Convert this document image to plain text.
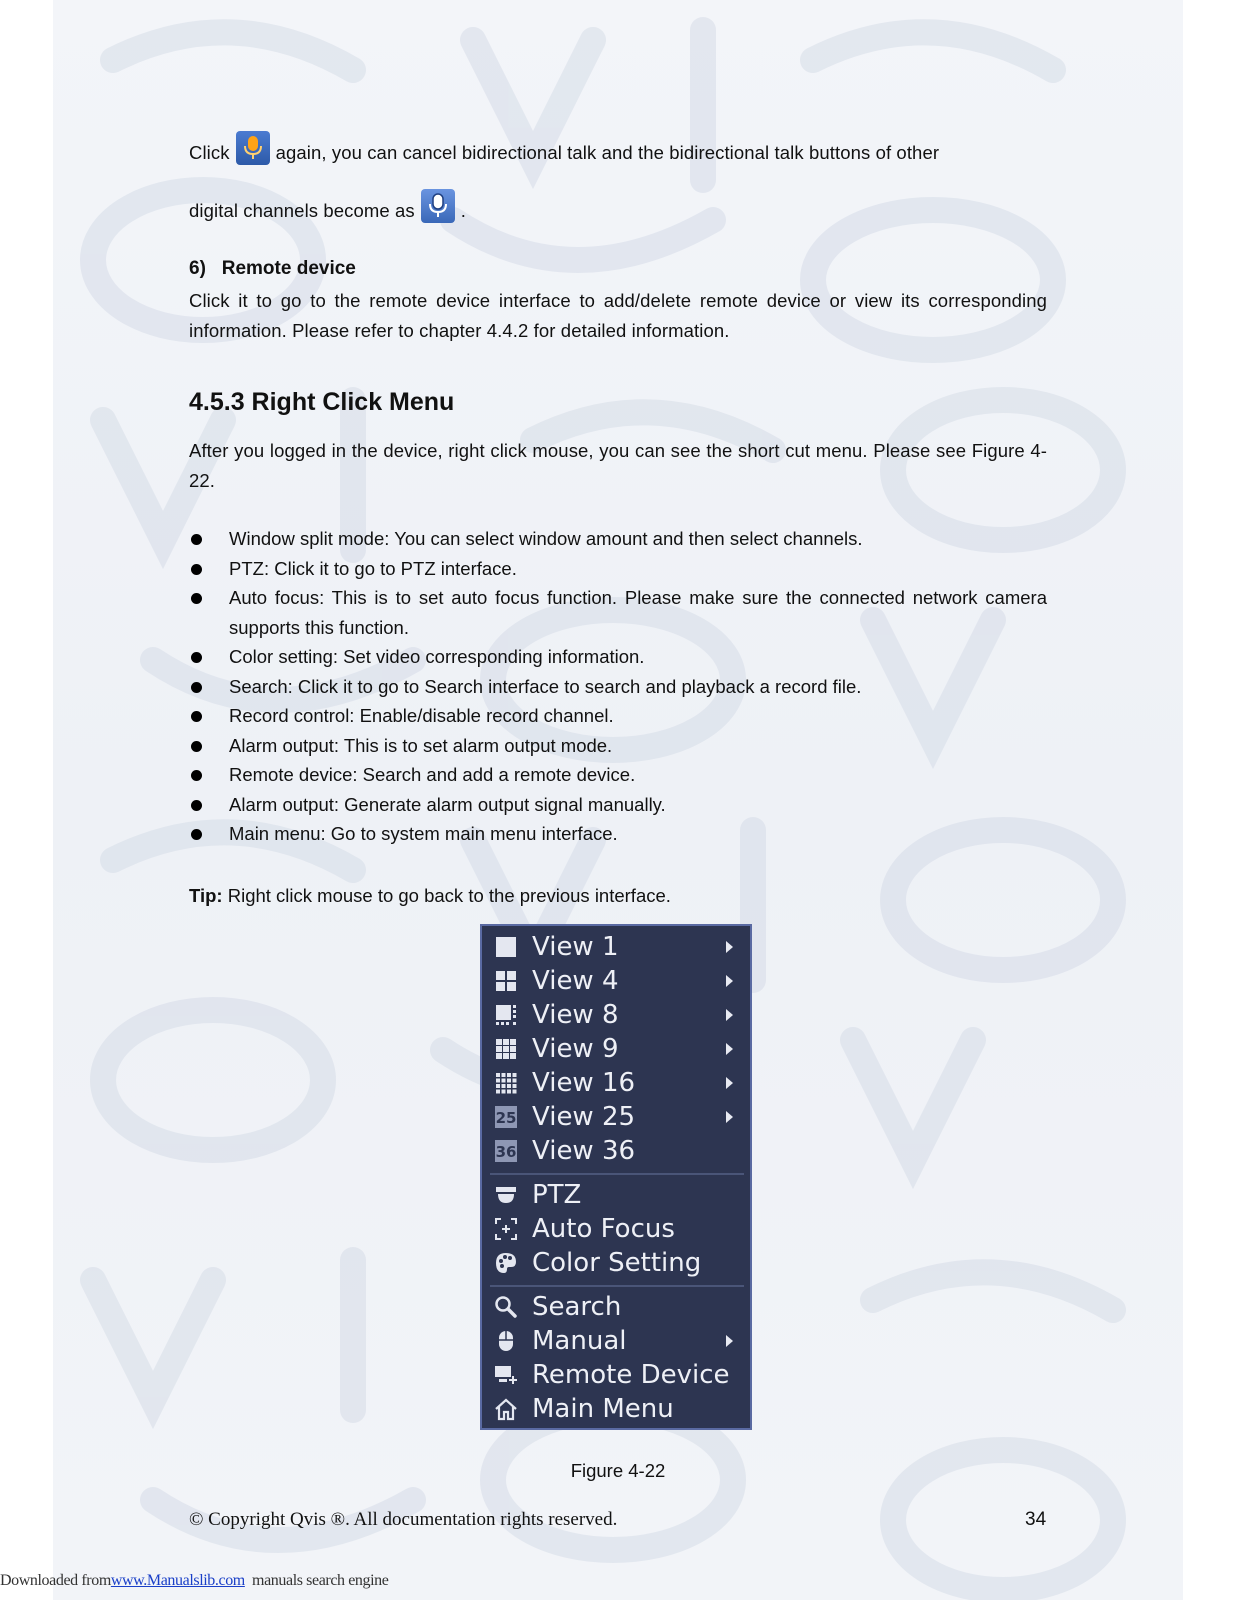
Click again, you can cancel bidirectional talk and the bidirectional talk buttons of other
digital channels become as .
6) Remote device
Click it to go to the remote device interface to add/delete remote device or view its corresponding information. Please refer to chapter 4.4.2 for detailed information.
4.5.3 Right Click Menu
After you logged in the device, right click mouse, you can see the short cut menu. Please see Figure 4-22.
Window split mode: You can select window amount and then select channels.
PTZ: Click it to go to PTZ interface.
Auto focus: This is to set auto focus function. Please make sure the connected network camera supports this function.
Color setting: Set video corresponding information.
Search: Click it to go to Search interface to search and playback a record file.
Record control: Enable/disable record channel.
Alarm output: This is to set alarm output mode.
Remote device: Search and add a remote device.
Alarm output: Generate alarm output signal manually.
Main menu: Go to system main menu interface.
Tip: Right click mouse to go back to the previous interface.
View 1
View 4
View 8
View 9
View 16
25 View 25
36 View 36
PTZ
Auto Focus
Color Setting
Search
Manual
Remote Device
Main Menu
Figure 4-22
© Copyright Qvis ®. All documentation rights reserved.	34
Downloaded fromwww.Manualslib.com manuals search engine
